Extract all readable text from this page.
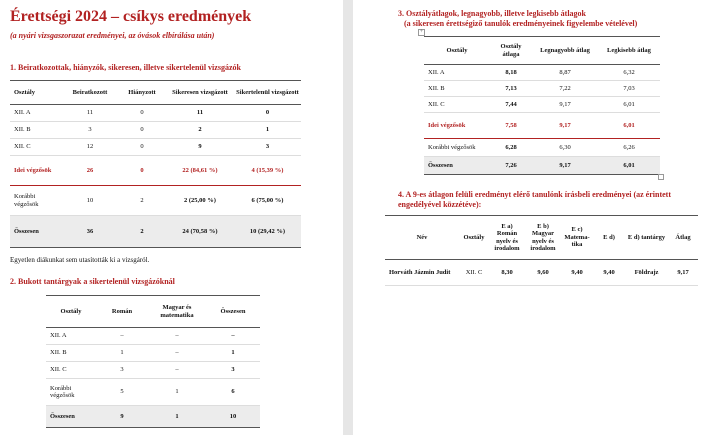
Érettségi 2024 – csíkys eredmények
(a nyári vizsgaszorazat eredményei, az óvások elbírálása után)
1. Beiratkozottak, hiányzók, sikeresen, illetve sikertelenül vizsgázók
Osztály	Beiratkozott	Hiányzott	Sikeresen vizsgázott	Sikertelenül vizsgázott
XII. A	11	0	11	0
XII. B	3	0	2	1
XII. C	12	0	9	3
Idei végzősök	26	0	22 (84,61 %)	4 (15,39 %)
Korábbi végzősök	10	2	2 (25,00 %)	6 (75,00 %)
Összesen	36	2	24 (70,58 %)	10 (29,42 %)
Egyetlen diákunkat sem utasították ki a vizsgáról.
2. Bukott tantárgyak a sikertelenül vizsgázóknál
Osztály	Román	Magyar és matematika	Összesen
XII. A	–	–	–
XII. B	1	–	1
XII. C	3	–	3
Korábbi végzősök	5	1	6
Összesen	9	1	10
3. Osztályátlagok, legnagyobb, illetve legkisebb átlagok
(a sikeresen érettségiző tanulók eredményeinek figyelembe vételével)
+
Osztály	Osztály átlaga	Legnagyobb átlag	Legkisebb átlag
XII. A	8,18	8,87	6,32
XII. B	7,13	7,22	7,03
XII. C	7,44	9,17	6,01
Idei végzősök	7,58	9,17	6,01
Korábbi végzősök	6,28	6,30	6,26
Összesen	7,26	9,17	6,01
4. A 9-es átlagon felüli eredményt elérő tanulónk írásbeli eredményei (az érintett
engedélyével közzétéve):
Név	Osztály	E a) Román nyelv és irodalom	E b) Magyar nyelv és irodalom	E c) Matema-tika	E d)	E d) tantárgy	Átlag
Horváth Jázmin Judit	XII. C	8,30	9,60	9,40	9,40	Földrajz	9,17
